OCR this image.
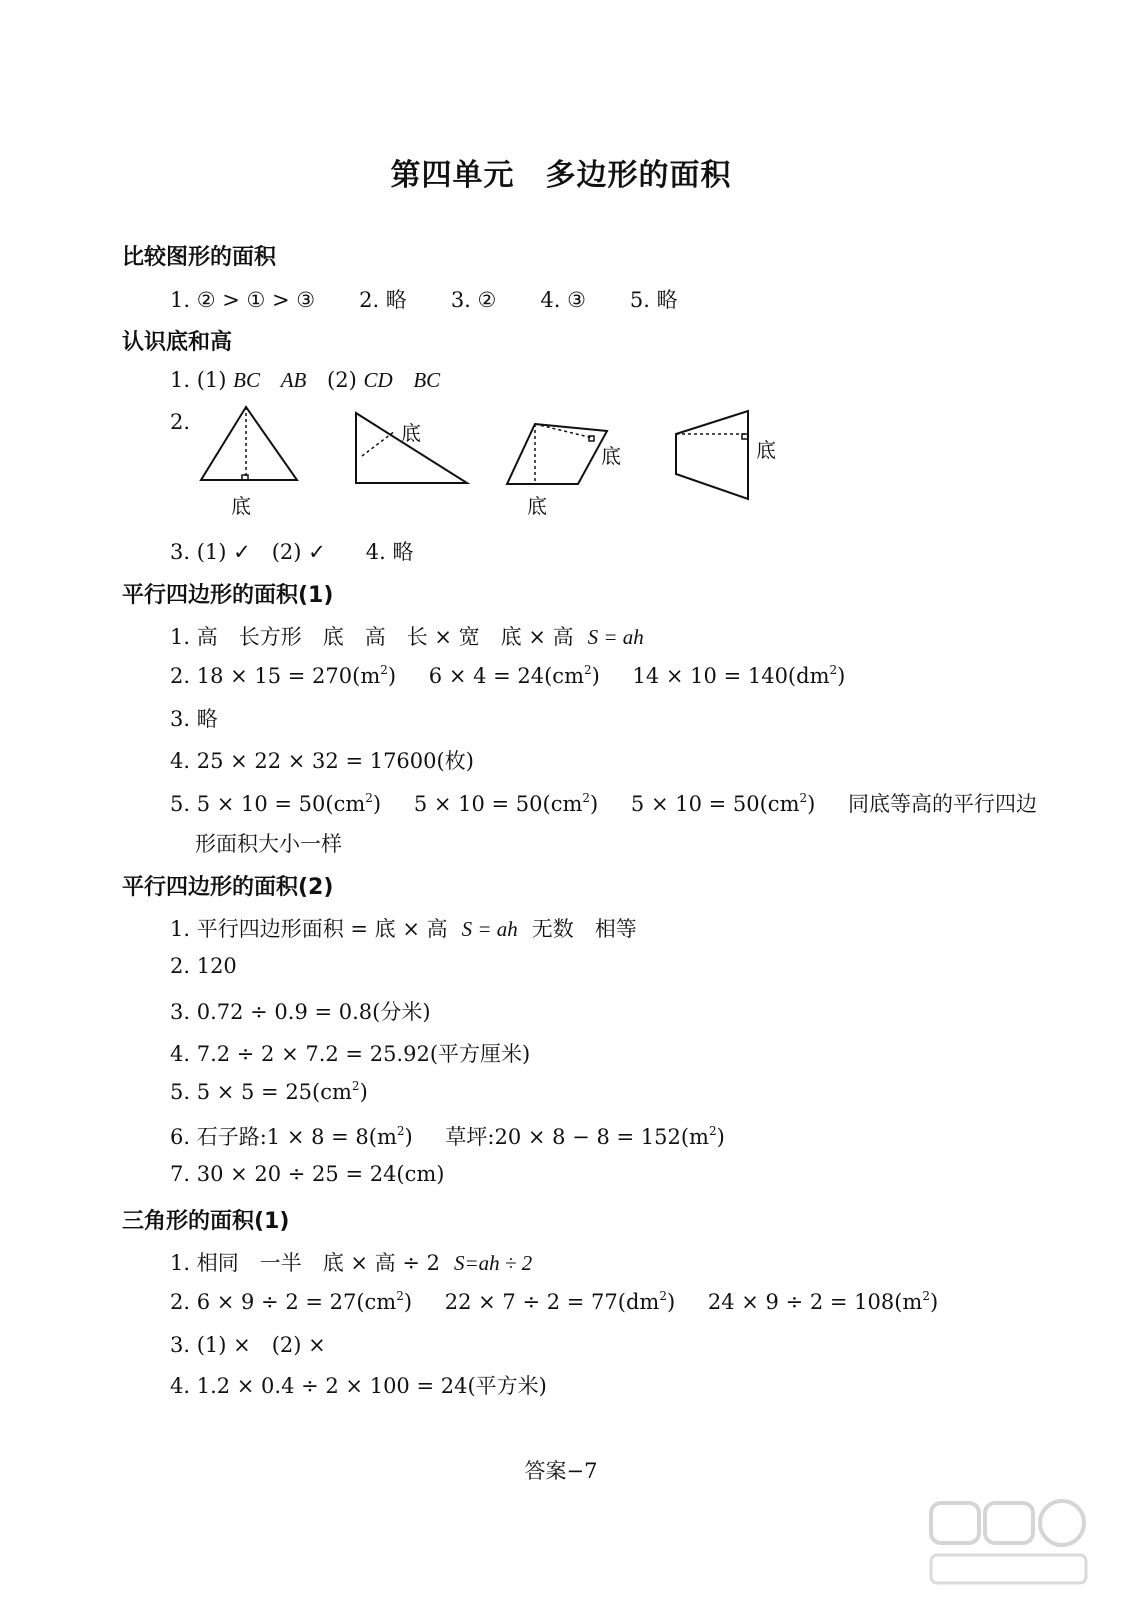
第四单元　多边形的面积
比较图形的面积
1. ② > ① > ③ 2. 略 3. ② 4. ③ 5. 略
认识底和高
1. (1) BC AB (2) CD BC
2.
底
底
底
底
底
3. (1) ✓　(2) ✓ 4. 略
平行四边形的面积(1)
1. 高　长方形　底　高　长 × 宽　底 × 高 S = ah
2. $18 \times 15 = 270(m^2) 6 \times 4 = 24(cm^2) 14 \times 10 = 140(dm^2)$
3. 略
4. 25 × 22 × 32 = 17600(枚)
5. $5 \times 10 = 50(cm^2) 5 \times 10 = 50(cm^2) 5 \times 10 = 50(cm^2)$ 同底等高的平行四边
形面积大小一样
平行四边形的面积(2)
1. 平行四边形面积 = 底 × 高 S = ah 无数　相等
2. 120
3. 0.72 ÷ 0.9 = 0.8(分米)
4. 7.2 ÷ 2 × 7.2 = 25.92(平方厘米)
5. $5 \times 5 = 25(cm^2)$
6. 石子路:1 × $8 = 8(m^2)$ 草坪:20 × $8 - 8 = 152(m^2)$
7. 30 × 20 ÷ 25 = 24(cm)
三角形的面积(1)
1. 相同　一半　底 × 高 ÷ 2 S=ah ÷ 2
2. $6 \times 9 \div 2 = 27(cm^2) 22 \times 7 \div 2 = 77(dm^2) 24 \times 9 \div 2 = 108(m^2)$
3. (1) ×　(2) ×
4. 1.2 × 0.4 ÷ 2 × 100 = 24(平方米)
答案−7
